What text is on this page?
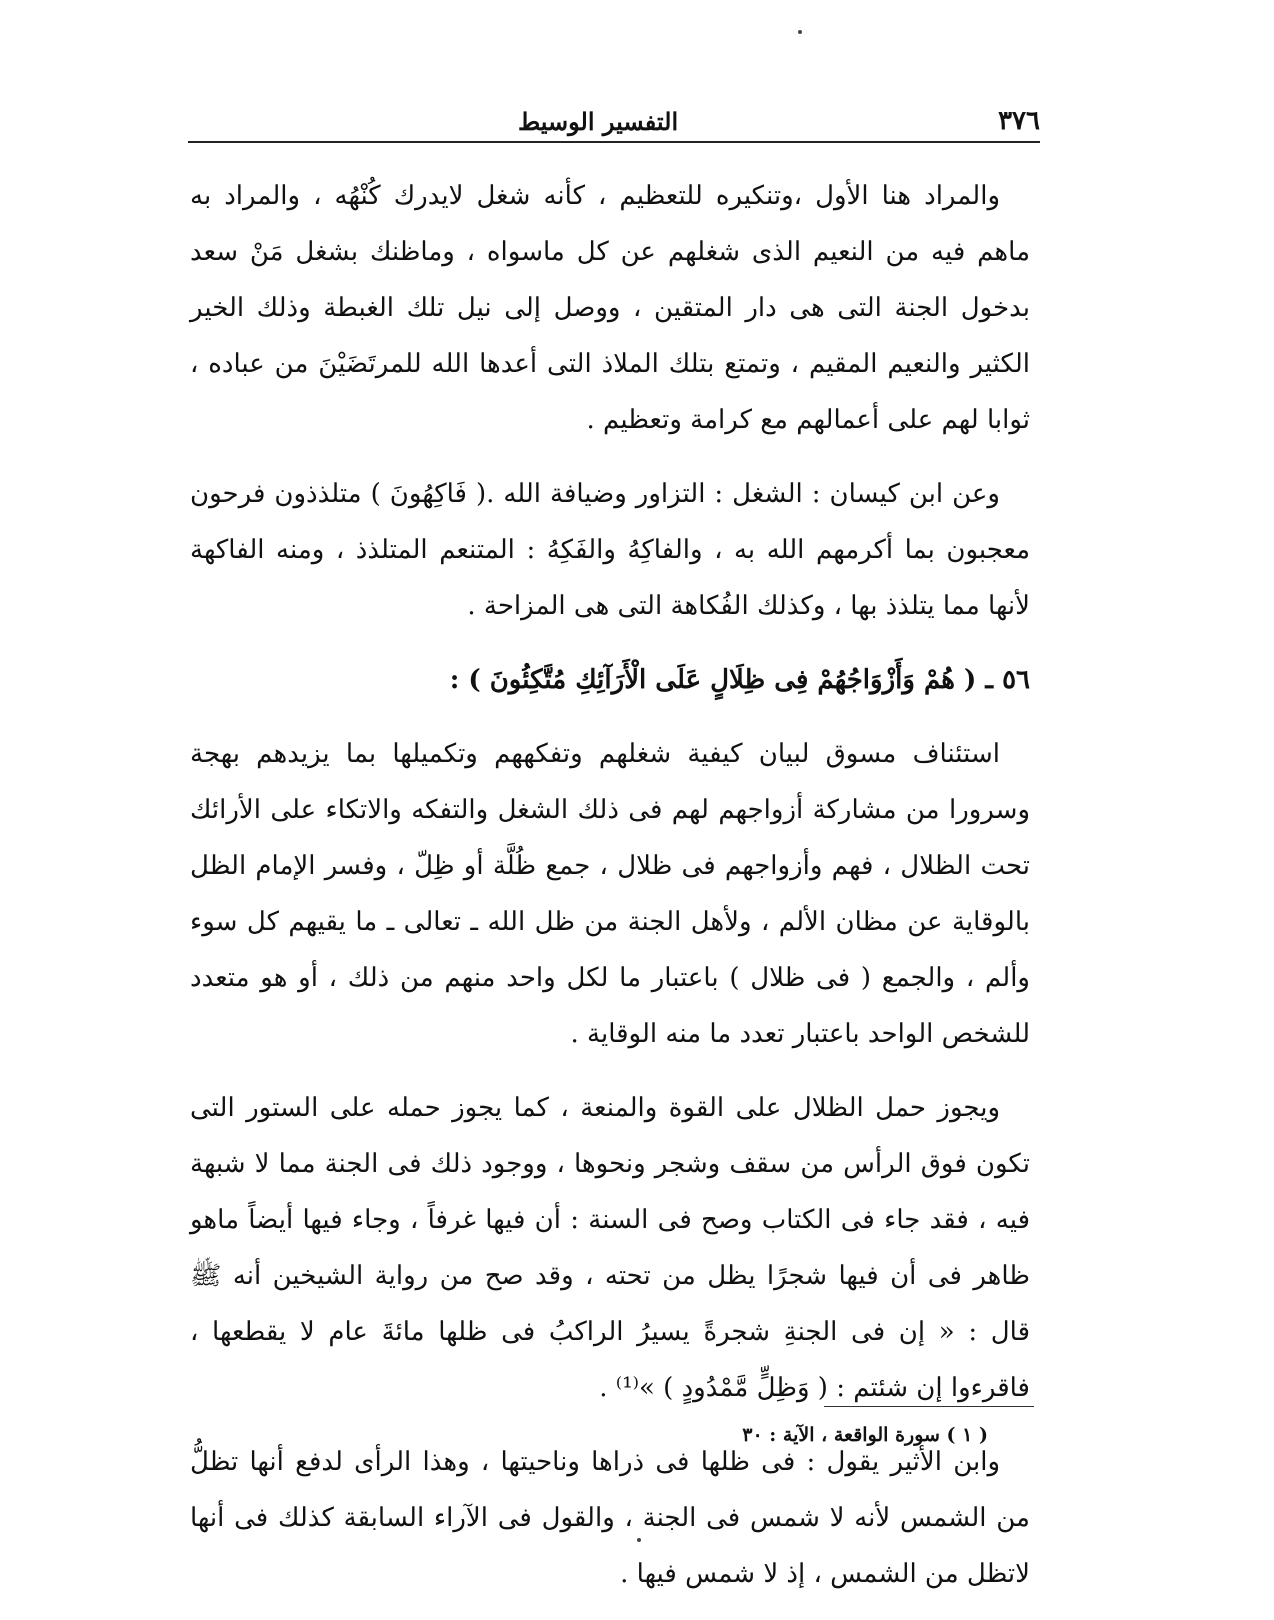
٣٧٦
التفسير الوسيط

والمراد هنا الأول ،وتنكيره للتعظيم ، كأنه شغل لايدرك كُنْهُه ، والمراد به ماهم فيه من النعيم الذى شغلهم عن كل ماسواه ، وماظنك بشغل مَنْ سعد بدخول الجنة التى هى دار المتقين ، ووصل إلى نيل تلك الغبطة وذلك الخير الكثير والنعيم المقيم ، وتمتع بتلك الملاذ التى أعدها الله للمرتَضَيْنَ من عباده ، ثوابا لهم على أعمالهم مع كرامة وتعظيم .

وعن ابن كيسان : الشغل : التزاور وضيافة الله .( فَاكِهُونَ ) متلذذون فرحون معجبون بما أكرمهم الله به ، والفاكِهُ والفَكِهُ : المتنعم المتلذذ ، ومنه الفاكهة لأنها مما يتلذذ بها ، وكذلك الفُكاهة التى هى المزاحة .

٥٦ ـ ( هُمْ وَأَزْوَاجُهُمْ فِى ظِلَالٍ عَلَى الْأَرَآئِكِ مُتَّكِئُونَ ) :

استئناف مسوق لبيان كيفية شغلهم وتفكههم وتكميلها بما يزيدهم بهجة وسرورا من مشاركة أزواجهم لهم فى ذلك الشغل والتفكه والاتكاء على الأرائك تحت الظلال ، فهم وأزواجهم فى ظلال ، جمع ظُلَّة أو ظِلّ ، وفسر الإمام الظل بالوقاية عن مظان الألم ، ولأهل الجنة من ظل الله ـ تعالى ـ ما يقيهم كل سوء وألم ، والجمع ( فى ظلال ) باعتبار ما لكل واحد منهم من ذلك ، أو هو متعدد للشخص الواحد باعتبار تعدد ما منه الوقاية .

ويجوز حمل الظلال على القوة والمنعة ، كما يجوز حمله على الستور التى تكون فوق الرأس من سقف وشجر ونحوها ، ووجود ذلك فى الجنة مما لا شبهة فيه ، فقد جاء فى الكتاب وصح فى السنة : أن فيها غرفاً ، وجاء فيها أيضاً ماهو ظاهر فى أن فيها شجرًا يظل من تحته ، وقد صح من رواية الشيخين أنه ﷺ قال : « إن فى الجنةِ شجرةً يسيرُ الراكبُ فى ظلها مائةَ عام لا يقطعها ، فاقرءوا إن شئتم : ( وَظِلٍّ مَّمْدُودٍ ) »⁽¹⁾ .

وابن الأثير يقول : فى ظلها فى ذراها وناحيتها ، وهذا الرأى لدفع أنها تظلُّ من الشمس لأنه لا شمس فى الجنة ، والقول فى الآراء السابقة كذلك فى أنها لاتظل من الشمس ، إذ لا شمس فيها .

( ١ ) سورة الواقعة ، الآية : ٣٠
